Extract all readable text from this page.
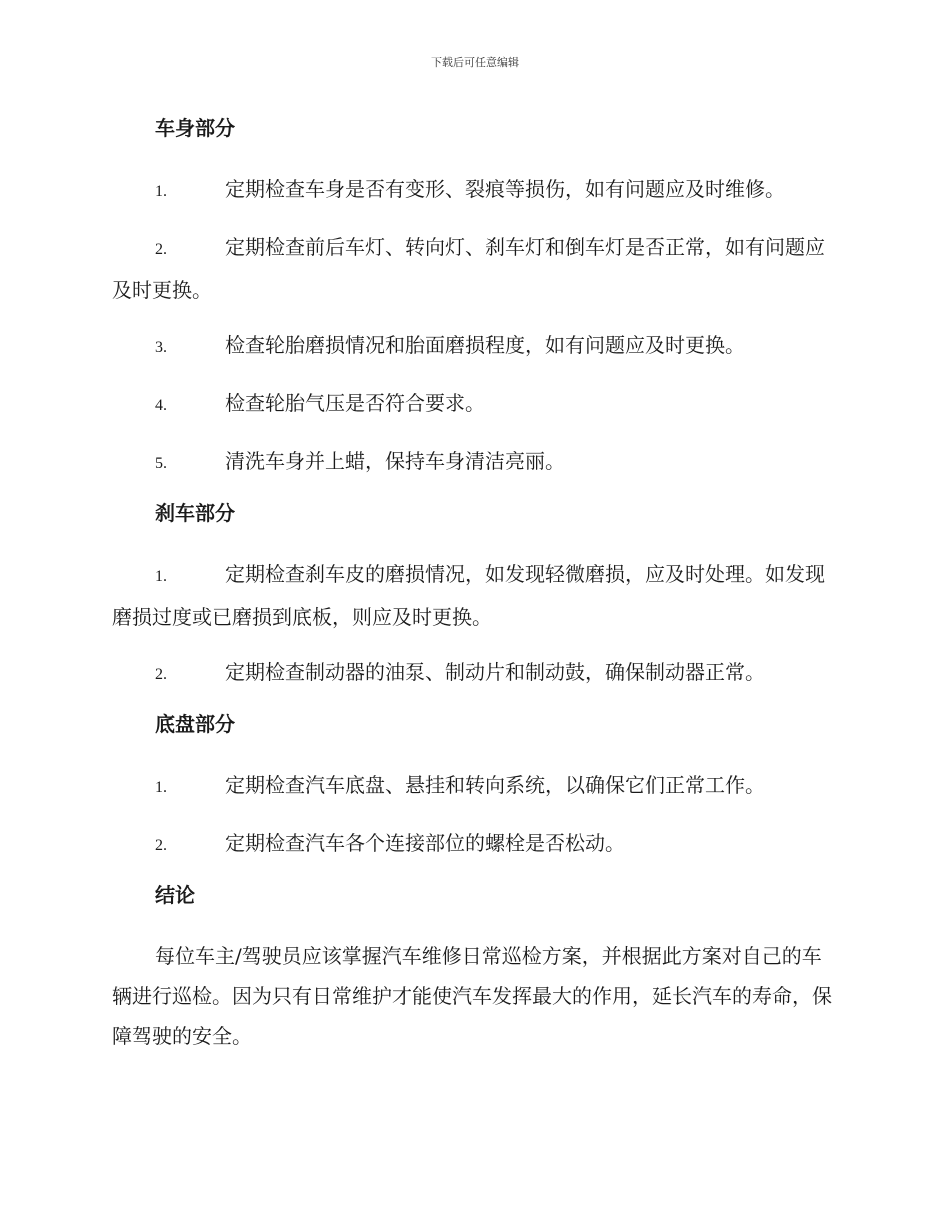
下载后可任意编辑
车身部分
1.	定期检查车身是否有变形、裂痕等损伤，如有问题应及时维修。
2.	定期检查前后车灯、转向灯、刹车灯和倒车灯是否正常，如有问题应及时更换。
3.	检查轮胎磨损情况和胎面磨损程度，如有问题应及时更换。
4.	检查轮胎气压是否符合要求。
5.	清洗车身并上蜡，保持车身清洁亮丽。
刹车部分
1.	定期检查刹车皮的磨损情况，如发现轻微磨损，应及时处理。如发现磨损过度或已磨损到底板，则应及时更换。
2.	定期检查制动器的油泵、制动片和制动鼓，确保制动器正常。
底盘部分
1.	定期检查汽车底盘、悬挂和转向系统，以确保它们正常工作。
2.	定期检查汽车各个连接部位的螺栓是否松动。
结论

每位车主/驾驶员应该掌握汽车维修日常巡检方案，并根据此方案对自己的车辆进行巡检。因为只有日常维护才能使汽车发挥最大的作用，延长汽车的寿命，保障驾驶的安全。
